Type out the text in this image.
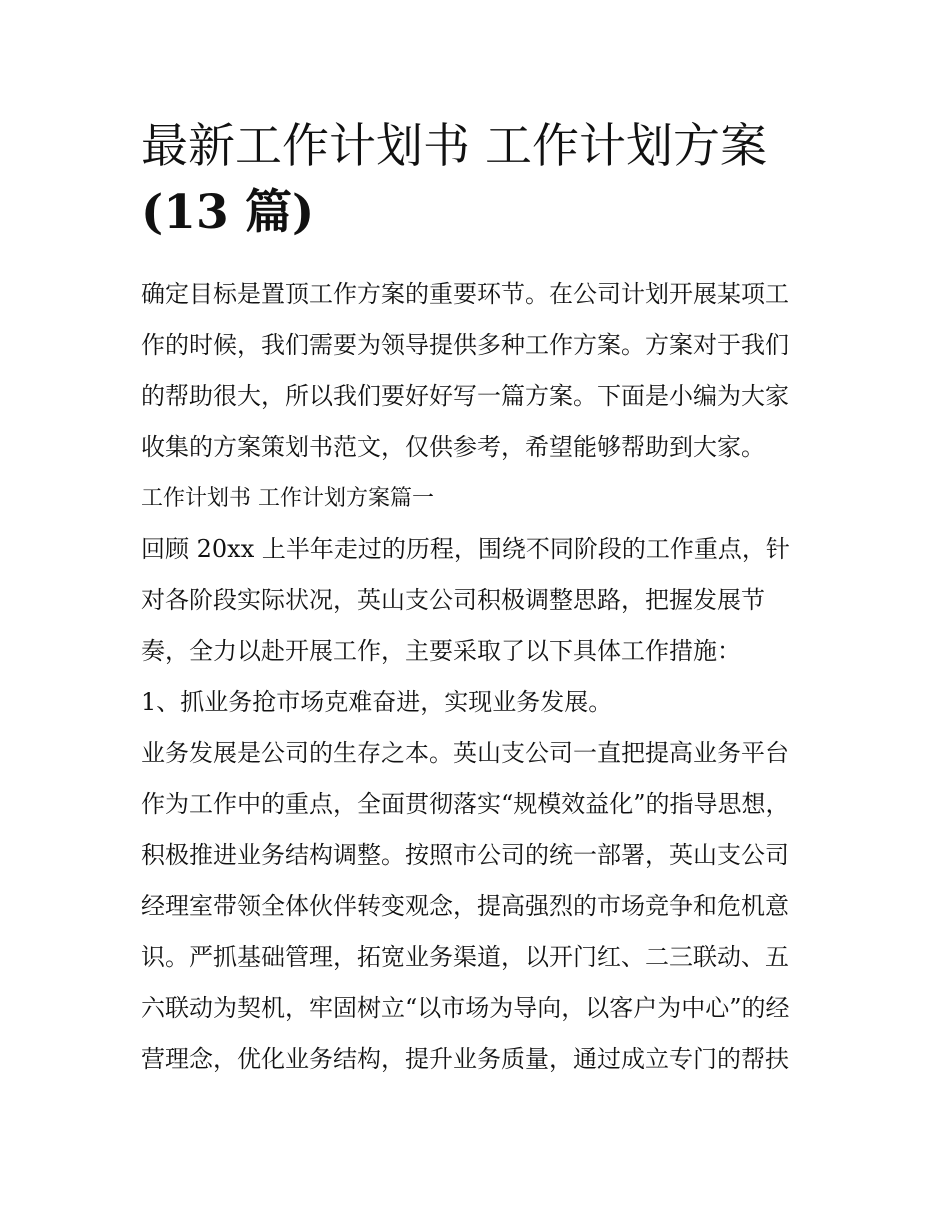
最新工作计划书 工作计划方案
(13 篇)
确定目标是置顶工作方案的重要环节。在公司计划开展某项工
作的时候，我们需要为领导提供多种工作方案。方案对于我们
的帮助很大，所以我们要好好写一篇方案。下面是小编为大家
收集的方案策划书范文，仅供参考，希望能够帮助到大家。
工作计划书 工作计划方案篇一
回顾 20xx 上半年走过的历程，围绕不同阶段的工作重点，针
对各阶段实际状况，英山支公司积极调整思路，把握发展节
奏，全力以赴开展工作，主要采取了以下具体工作措施：
1、抓业务抢市场克难奋进，实现业务发展。
业务发展是公司的生存之本。英山支公司一直把提高业务平台
作为工作中的重点，全面贯彻落实“规模效益化”的指导思想，
积极推进业务结构调整。按照市公司的统一部署，英山支公司
经理室带领全体伙伴转变观念，提高强烈的市场竞争和危机意
识。严抓基础管理，拓宽业务渠道，以开门红、二三联动、五
六联动为契机，牢固树立“以市场为导向，以客户为中心”的经
营理念，优化业务结构，提升业务质量，通过成立专门的帮扶
